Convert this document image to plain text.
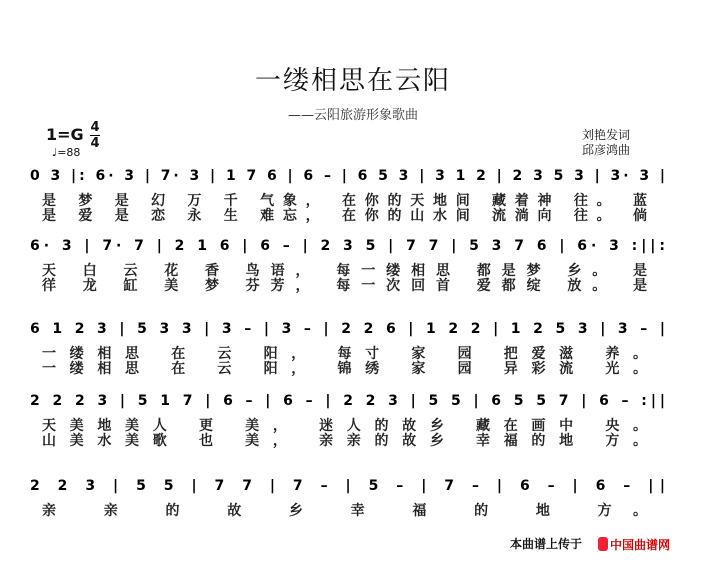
一缕相思在云阳
——云阳旅游形象歌曲
1=G 4
4
♩=88
刘艳发词
邱彦鸿曲
0 3 |: 6· 3 | 7· 3 | 1 7 6 | 6 – | 6 5 3 | 3 1 2 | 2 3 5 3 | 3· 3 |
是 梦 是 幻 万 千 气象， 在你的天地间 藏着神 往。 蓝
是 爱 是 恋 永 生 难忘， 在你的山水间 流淌向 往。 倘
6· 3 | 7· 7 | 2 1 6 | 6 – | 2 3 5 | 7 7 | 5 3 7 6 | 6· 3 :||:
天 白 云 花 香 鸟语， 每一缕相思 都是梦 乡。 是
徉 龙 缸 美 梦 芬芳， 每一次回首 爱都绽 放。 是
6 1 2 3 | 5 3 3 | 3 – | 3 – | 2 2 6 | 1 2 2 | 1 2 5 3 | 3 – |
一缕相思 在 云 阳， 每寸 家 园 把爱滋 养。
一缕相思 在 云 阳， 锦绣 家 园 异彩流 光。
2 2 2 3 | 5 1 7 | 6 – | 6 – | 2 2 3 | 5 5 | 6 5 5 7 | 6 – :||
天美地美人 更 美， 迷人的故乡 藏在画中 央。
山美水美歌 也 美， 亲亲的故乡 幸福的地 方。
2 2 3 | 5 5 | 7 7 | 7 – | 5 – | 7 – | 6 – | 6 – ||
亲 亲 的 故 乡 幸 福 的 地 方。
本曲谱上传于 中国曲谱网
